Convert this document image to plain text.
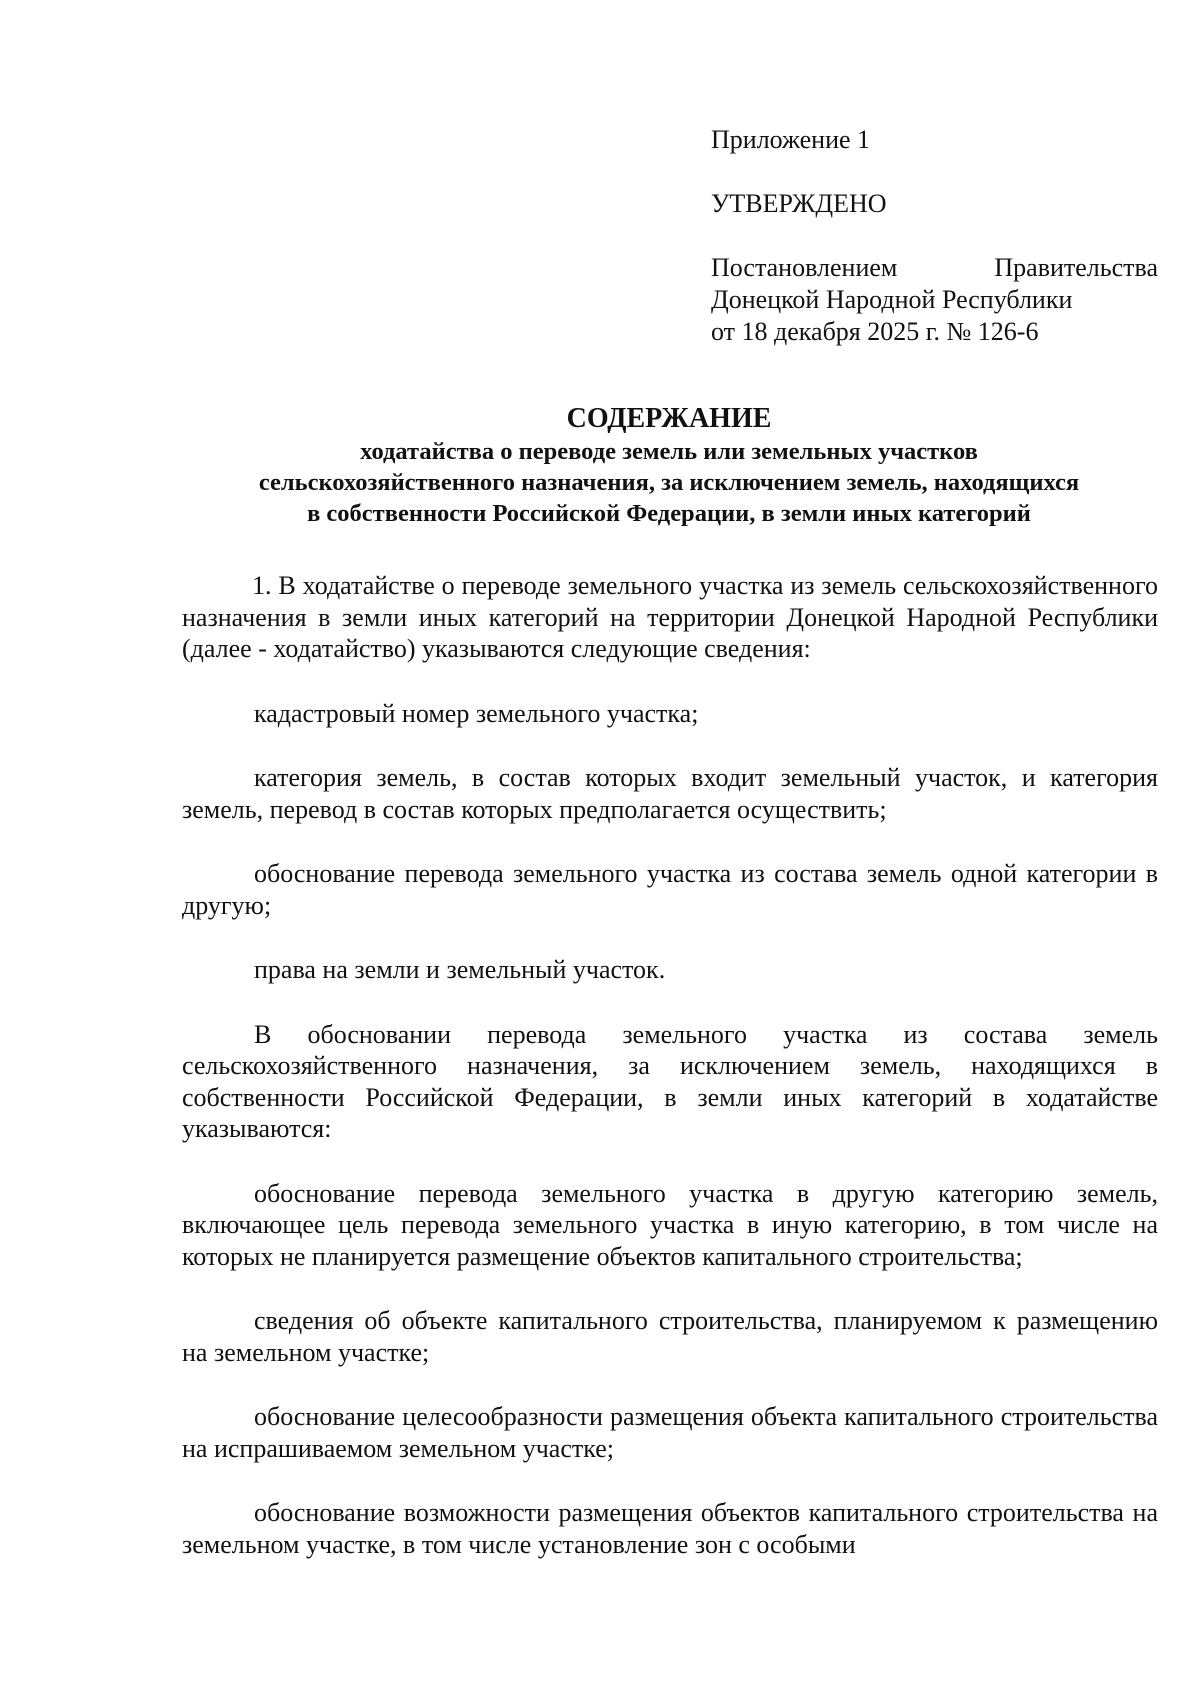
Приложение 1
УТВЕРЖДЕНО
Постановлением	Правительства
Донецкой Народной Республики
от 18 декабря 2025 г. № 126-6
СОДЕРЖАНИЕ
ходатайства о переводе земель или земельных участков
сельскохозяйственного назначения, за исключением земель, находящихся
в собственности Российской Федерации, в земли иных категорий

1. В ходатайстве о переводе земельного участка из земель сельскохозяйственного назначения в земли иных категорий на территории Донецкой Народной Республики (далее - ходатайство) указываются следующие сведения:

кадастровый номер земельного участка;

категория земель, в состав которых входит земельный участок, и категория земель, перевод в состав которых предполагается осуществить;

обоснование перевода земельного участка из состава земель одной категории в другую;

права на земли и земельный участок.

В обосновании перевода земельного участка из состава земель сельскохозяйственного назначения, за исключением земель, находящихся в собственности Российской Федерации, в земли иных категорий в ходатайстве указываются:

обоснование перевода земельного участка в другую категорию земель, включающее цель перевода земельного участка в иную категорию, в том числе на которых не планируется размещение объектов капитального строительства;

сведения об объекте капитального строительства, планируемом к размещению на земельном участке;

обоснование целесообразности размещения объекта капитального строительства на испрашиваемом земельном участке;

обоснование возможности размещения объектов капитального строительства на земельном участке, в том числе установление зон с особыми
